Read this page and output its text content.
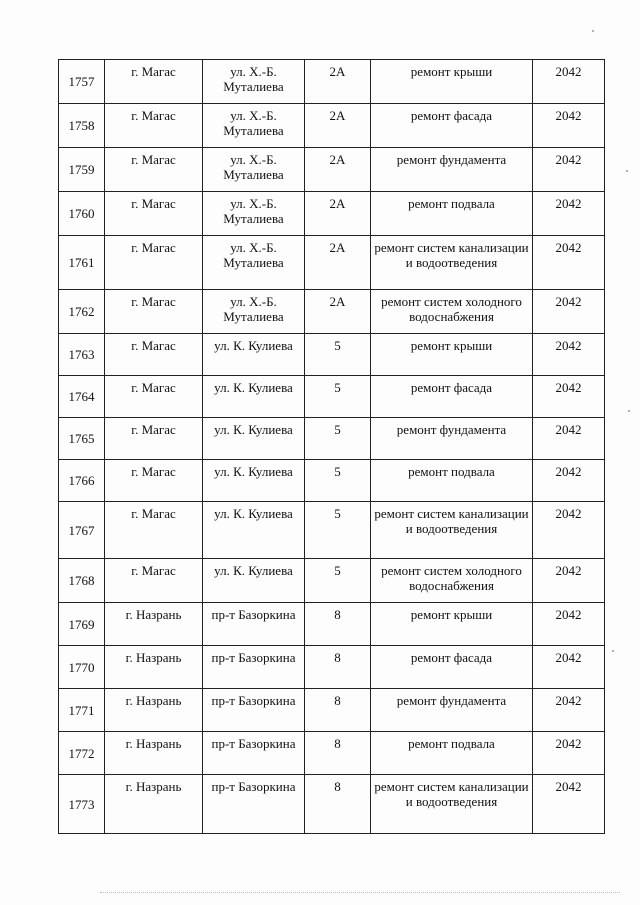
1757	г. Магас	ул. Х.-Б. Муталиева	2А	ремонт крыши	2042
1758	г. Магас	ул. Х.-Б. Муталиева	2А	ремонт фасада	2042
1759	г. Магас	ул. Х.-Б. Муталиева	2А	ремонт фундамента	2042
1760	г. Магас	ул. Х.-Б. Муталиева	2А	ремонт подвала	2042
1761	г. Магас	ул. Х.-Б. Муталиева	2А	ремонт систем канализации и водоотведения	2042
1762	г. Магас	ул. Х.-Б. Муталиева	2А	ремонт систем холодного водоснабжения	2042
1763	г. Магас	ул. К. Кулиева	5	ремонт крыши	2042
1764	г. Магас	ул. К. Кулиева	5	ремонт фасада	2042
1765	г. Магас	ул. К. Кулиева	5	ремонт фундамента	2042
1766	г. Магас	ул. К. Кулиева	5	ремонт подвала	2042
1767	г. Магас	ул. К. Кулиева	5	ремонт систем канализации и водоотведения	2042
1768	г. Магас	ул. К. Кулиева	5	ремонт систем холодного водоснабжения	2042
1769	г. Назрань	пр-т Базоркина	8	ремонт крыши	2042
1770	г. Назрань	пр-т Базоркина	8	ремонт фасада	2042
1771	г. Назрань	пр-т Базоркина	8	ремонт фундамента	2042
1772	г. Назрань	пр-т Базоркина	8	ремонт подвала	2042
1773	г. Назрань	пр-т Базоркина	8	ремонт систем канализации и водоотведения	2042
